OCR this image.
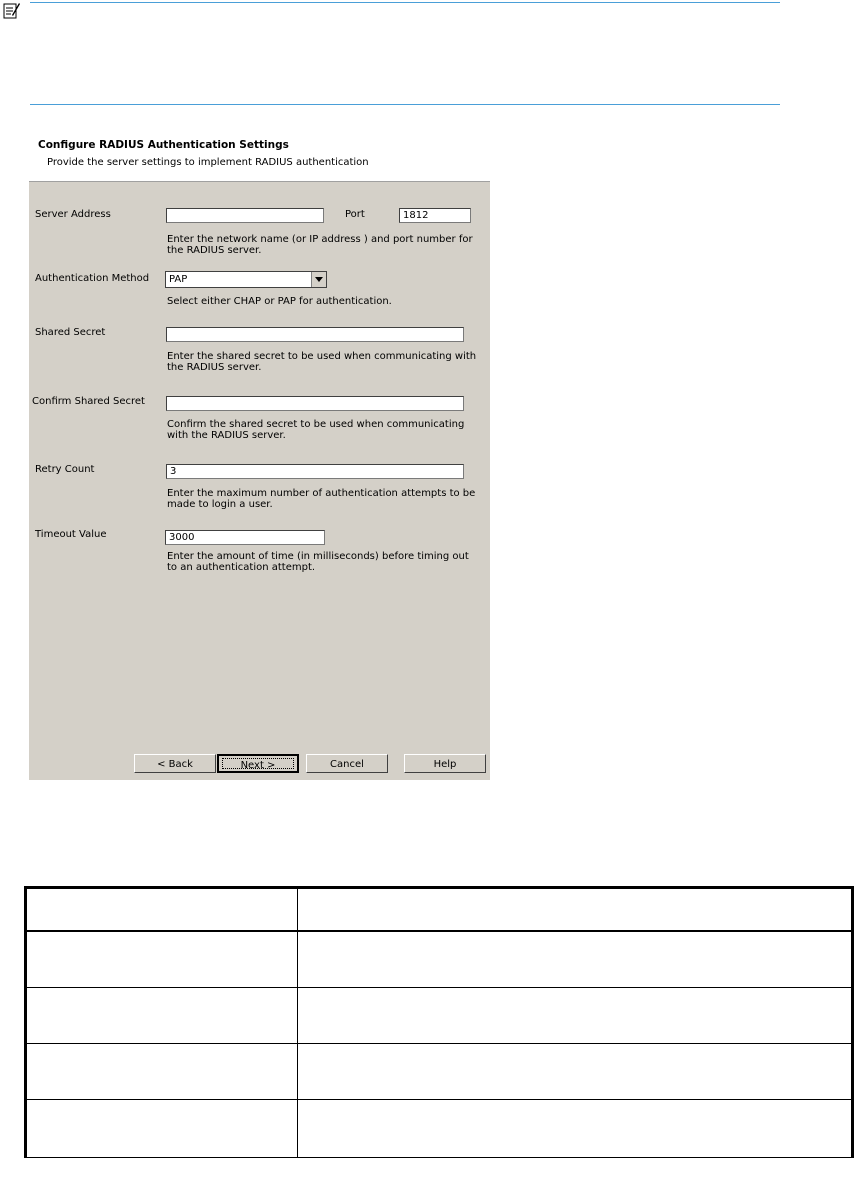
Configure RADIUS Authentication Settings
Provide the server settings to implement RADIUS authentication
Server Address	Port	1812
Enter the network name (or IP address ) and port number for the RADIUS server.
Authentication Method PAP
Select either CHAP or PAP for authentication.
Shared Secret
Enter the shared secret to be used when communicating with the RADIUS server.
Confirm Shared Secret
Confirm the shared secret to be used when communicating with the RADIUS server.
Retry Count	3
Enter the maximum number of authentication attempts to be made to login a user.
Timeout Value	3000
Enter the amount of time (in milliseconds) before timing out to an authentication attempt.
< Back	Next >	Cancel	Help
